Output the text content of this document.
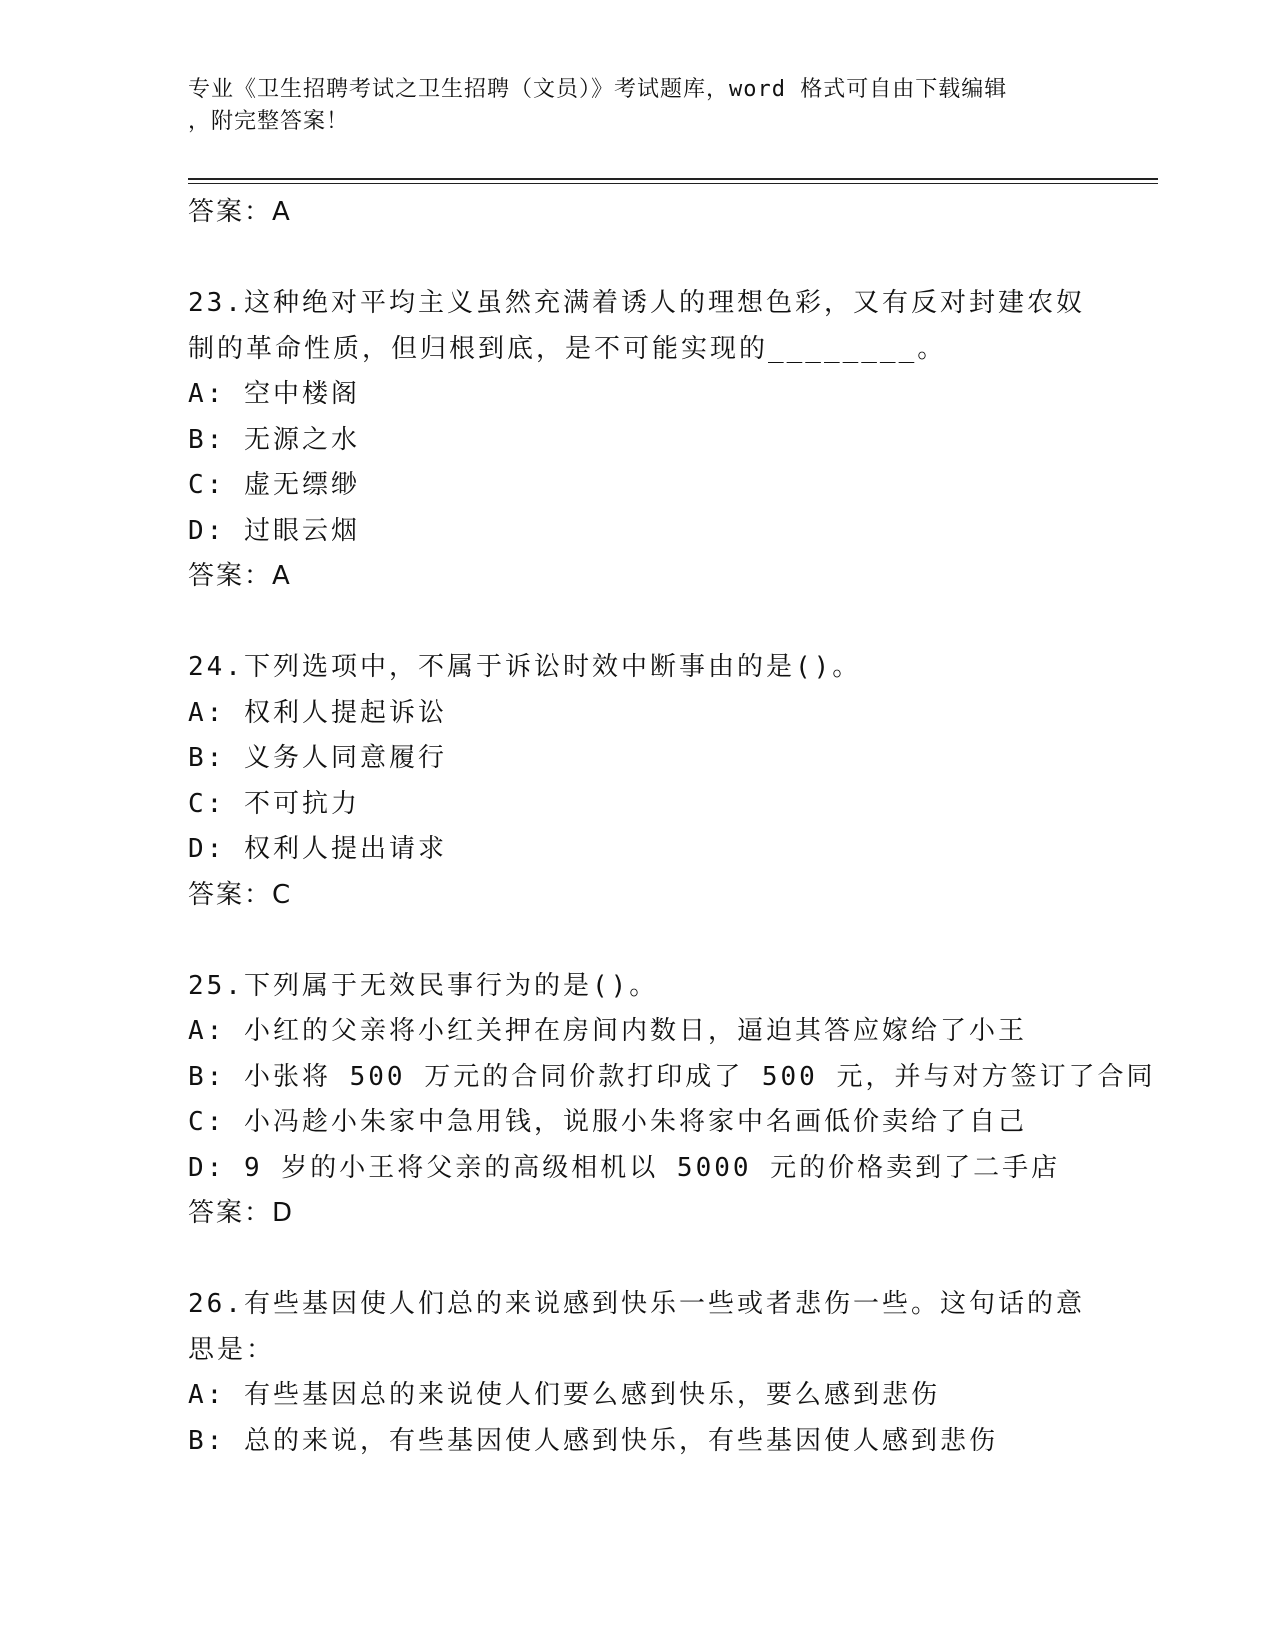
专业《卫生招聘考试之卫生招聘（文员）》考试题库，word 格式可自由下载编辑
，附完整答案！
答案：A
23.这种绝对平均主义虽然充满着诱人的理想色彩，又有反对封建农奴
制的革命性质，但归根到底，是不可能实现的________。
A: 空中楼阁
B: 无源之水
C: 虚无缥缈
D: 过眼云烟
答案：A
24.下列选项中，不属于诉讼时效中断事由的是()。
A: 权利人提起诉讼
B: 义务人同意履行
C: 不可抗力
D: 权利人提出请求
答案：C
25.下列属于无效民事行为的是()。
A: 小红的父亲将小红关押在房间内数日，逼迫其答应嫁给了小王
B: 小张将 500 万元的合同价款打印成了 500 元，并与对方签订了合同
C: 小冯趁小朱家中急用钱，说服小朱将家中名画低价卖给了自己
D: 9 岁的小王将父亲的高级相机以 5000 元的价格卖到了二手店
答案：D
26.有些基因使人们总的来说感到快乐一些或者悲伤一些。这句话的意
思是：
A: 有些基因总的来说使人们要么感到快乐，要么感到悲伤
B: 总的来说，有些基因使人感到快乐，有些基因使人感到悲伤
